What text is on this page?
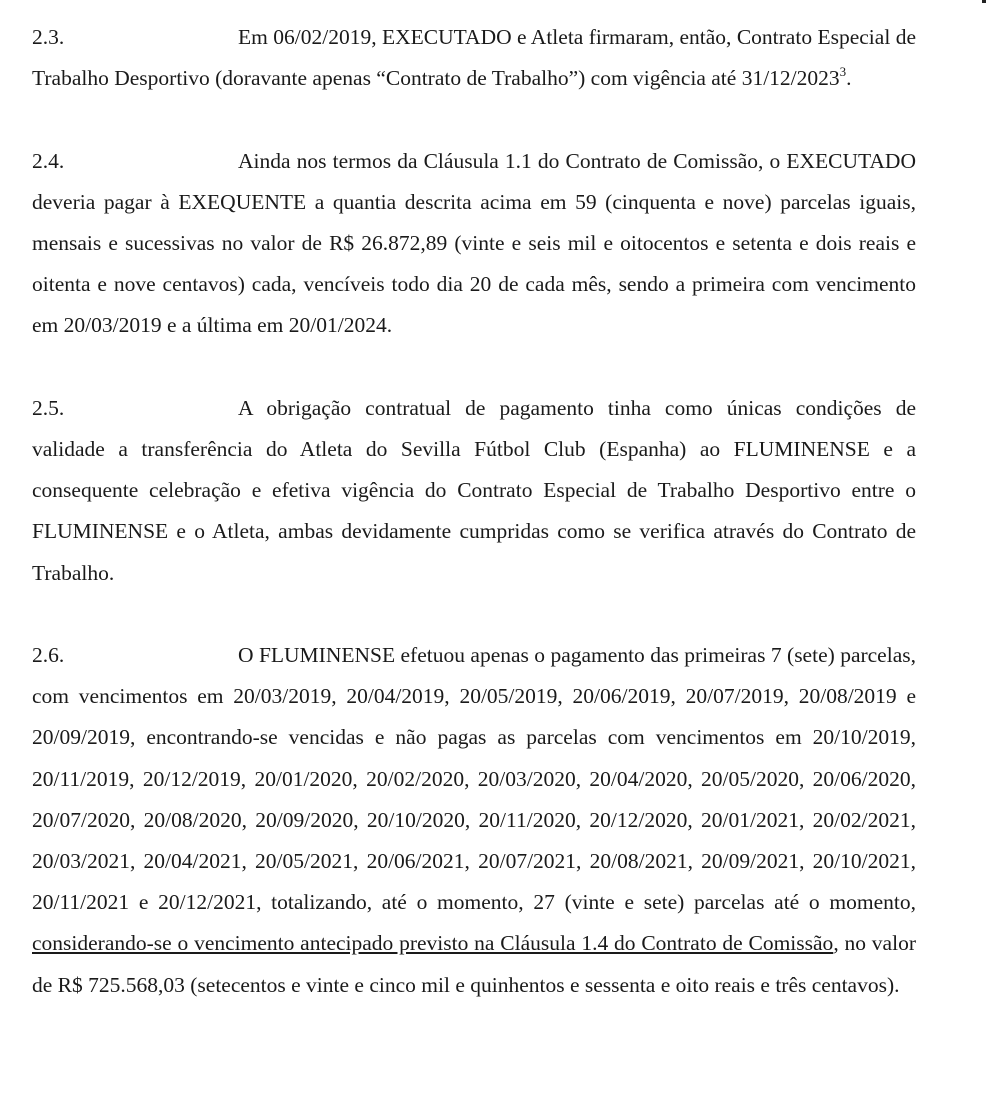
2.3.	Em 06/02/2019, EXECUTADO e Atleta firmaram, então, Contrato Especial de Trabalho Desportivo (doravante apenas “Contrato de Trabalho”) com vigência até 31/12/2023$^3$.

2.4.	Ainda nos termos da Cláusula 1.1 do Contrato de Comissão, o EXECUTADO deveria pagar à EXEQUENTE a quantia descrita acima em 59 (cinquenta e nove) parcelas iguais, mensais e sucessivas no valor de R$ 26.872,89 (vinte e seis mil e oitocentos e setenta e dois reais e oitenta e nove centavos) cada, vencíveis todo dia 20 de cada mês, sendo a primeira com vencimento em 20/03/2019 e a última em 20/01/2024.

2.5.	A obrigação contratual de pagamento tinha como únicas condições de validade a transferência do Atleta do Sevilla Fútbol Club (Espanha) ao FLUMINENSE e a consequente celebração e efetiva vigência do Contrato Especial de Trabalho Desportivo entre o FLUMINENSE e o Atleta, ambas devidamente cumpridas como se verifica através do Contrato de Trabalho.

2.6.	O FLUMINENSE efetuou apenas o pagamento das primeiras 7 (sete) parcelas, com vencimentos em 20/03/2019, 20/04/2019, 20/05/2019, 20/06/2019, 20/07/2019, 20/08/2019 e 20/09/2019, encontrando-se vencidas e não pagas as parcelas com vencimentos em 20/10/2019, 20/11/2019, 20/12/2019, 20/01/2020, 20/02/2020, 20/03/2020, 20/04/2020, 20/05/2020, 20/06/2020, 20/07/2020, 20/08/2020, 20/09/2020, 20/10/2020, 20/11/2020, 20/12/2020, 20/01/2021, 20/02/2021, 20/03/2021, 20/04/2021, 20/05/2021, 20/06/2021, 20/07/2021, 20/08/2021, 20/09/2021, 20/10/2021, 20/11/2021 e 20/12/2021, totalizando, até o momento, 27 (vinte e sete) parcelas até o momento, considerando-se o vencimento antecipado previsto na Cláusula 1.4 do Contrato de Comissão, no valor de R$ 725.568,03 (setecentos e vinte e cinco mil e quinhentos e sessenta e oito reais e três centavos).
